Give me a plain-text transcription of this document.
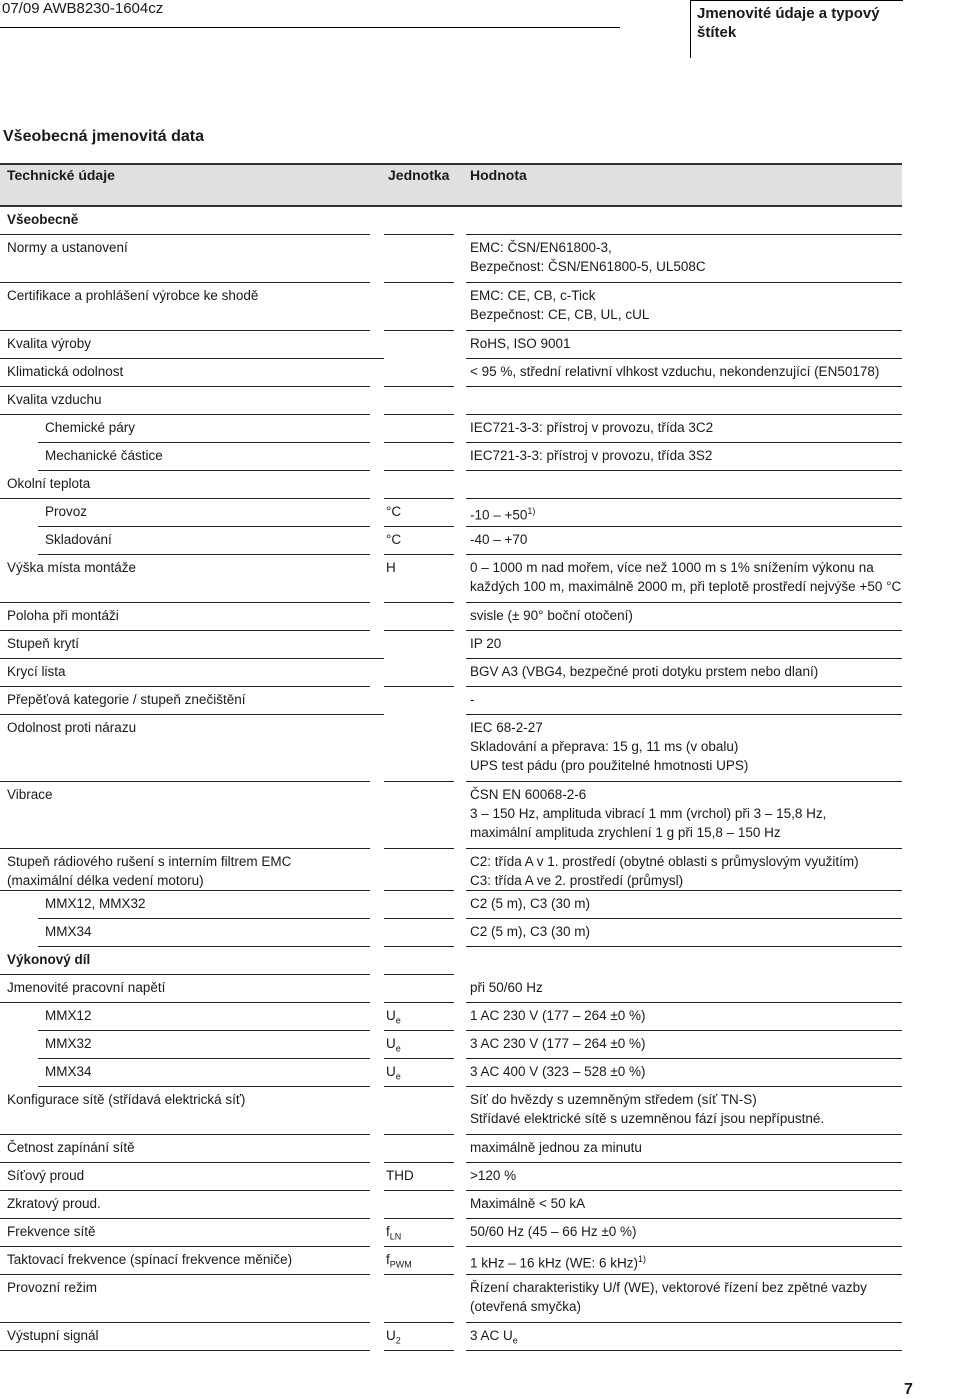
07/09 AWB8230-1604cz	Jmenovité údaje a typový štítek
Všeobecná jmenovitá data
Technické údaje	Jednotka Hodnota
Všeobecně
Normy a ustanovení	EMC: ČSN/EN61800-3,
Bezpečnost: ČSN/EN61800-5, UL508C
Certifikace a prohlášení výrobce ke shodě	EMC: CE, CB, c-Tick
Bezpečnost: CE, CB, UL, cUL
Kvalita výroby	RoHS, ISO 9001
Klimatická odolnost	< 95 %, střední relativní vlhkost vzduchu, nekondenzující (EN50178)
Kvalita vzduchu
Chemické páry	IEC721-3-3: přístroj v provozu, třída 3C2
Mechanické částice	IEC721-3-3: přístroj v provozu, třída 3S2
Okolní teplota
Provoz	°C	$-10 - +50^{1)}$
Skladování	°C	-40 – +70
Výška místa montáže	H	0 – 1000 m nad mořem, více než 1000 m s 1% snížením výkonu na
každých 100 m, maximálně 2000 m, při teplotě prostředí nejvýše +50 °C
Poloha při montáži	svisle (± 90° boční otočení)
Stupeň krytí	IP 20
Krycí lista	BGV A3 (VBG4, bezpečné proti dotyku prstem nebo dlaní)
Přepěťová kategorie / stupeň znečištění	-
Odolnost proti nárazu	IEC 68-2-27
Skladování a přeprava: 15 g, 11 ms (v obalu)
UPS test pádu (pro použitelné hmotnosti UPS)
Vibrace	ČSN EN 60068-2-6
3 – 150 Hz, amplituda vibrací 1 mm (vrchol) při 3 – 15,8 Hz,
maximální amplituda zrychlení 1 g při 15,8 – 150 Hz
Stupeň rádiového rušení s interním filtrem EMC
(maximální délka vedení motoru)
C2: třída A v 1. prostředí (obytné oblasti s průmyslovým využitím)
C3: třída A ve 2. prostředí (průmysl)
MMX12, MMX32	C2 (5 m), C3 (30 m)
MMX34	C2 (5 m), C3 (30 m)
Výkonový díl
Jmenovité pracovní napětí	při 50/60 Hz
MMX12	$U_e$	1 AC 230 V (177 – 264 ±0 %)
MMX32	$U_e$	3 AC 230 V (177 – 264 ±0 %)
MMX34	$U_e$	3 AC 400 V (323 – 528 ±0 %)
Konfigurace sítě (střídavá elektrická síť)	Síť do hvězdy s uzemněným středem (síť TN-S)
Střídavé elektrické sítě s uzemněnou fází jsou nepřípustné.
Četnost zapínání sítě	maximálně jednou za minutu
Síťový proud	THD	>120 %
Zkratový proud.	Maximálně < 50 kA
Frekvence sítě	$f_{LN}$	50/60 Hz (45 – 66 Hz ±0 %)
Taktovací frekvence (spínací frekvence měniče)	$f_{PWM}$	1 kHz – 16 kHz (WE: 6 kHz)$^{1)}$
Provozní režim	Řízení charakteristiky U/f (WE), vektorové řízení bez zpětné vazby
(otevřená smyčka)
Výstupní signál	$U_2$	3 AC $U_e$
7
